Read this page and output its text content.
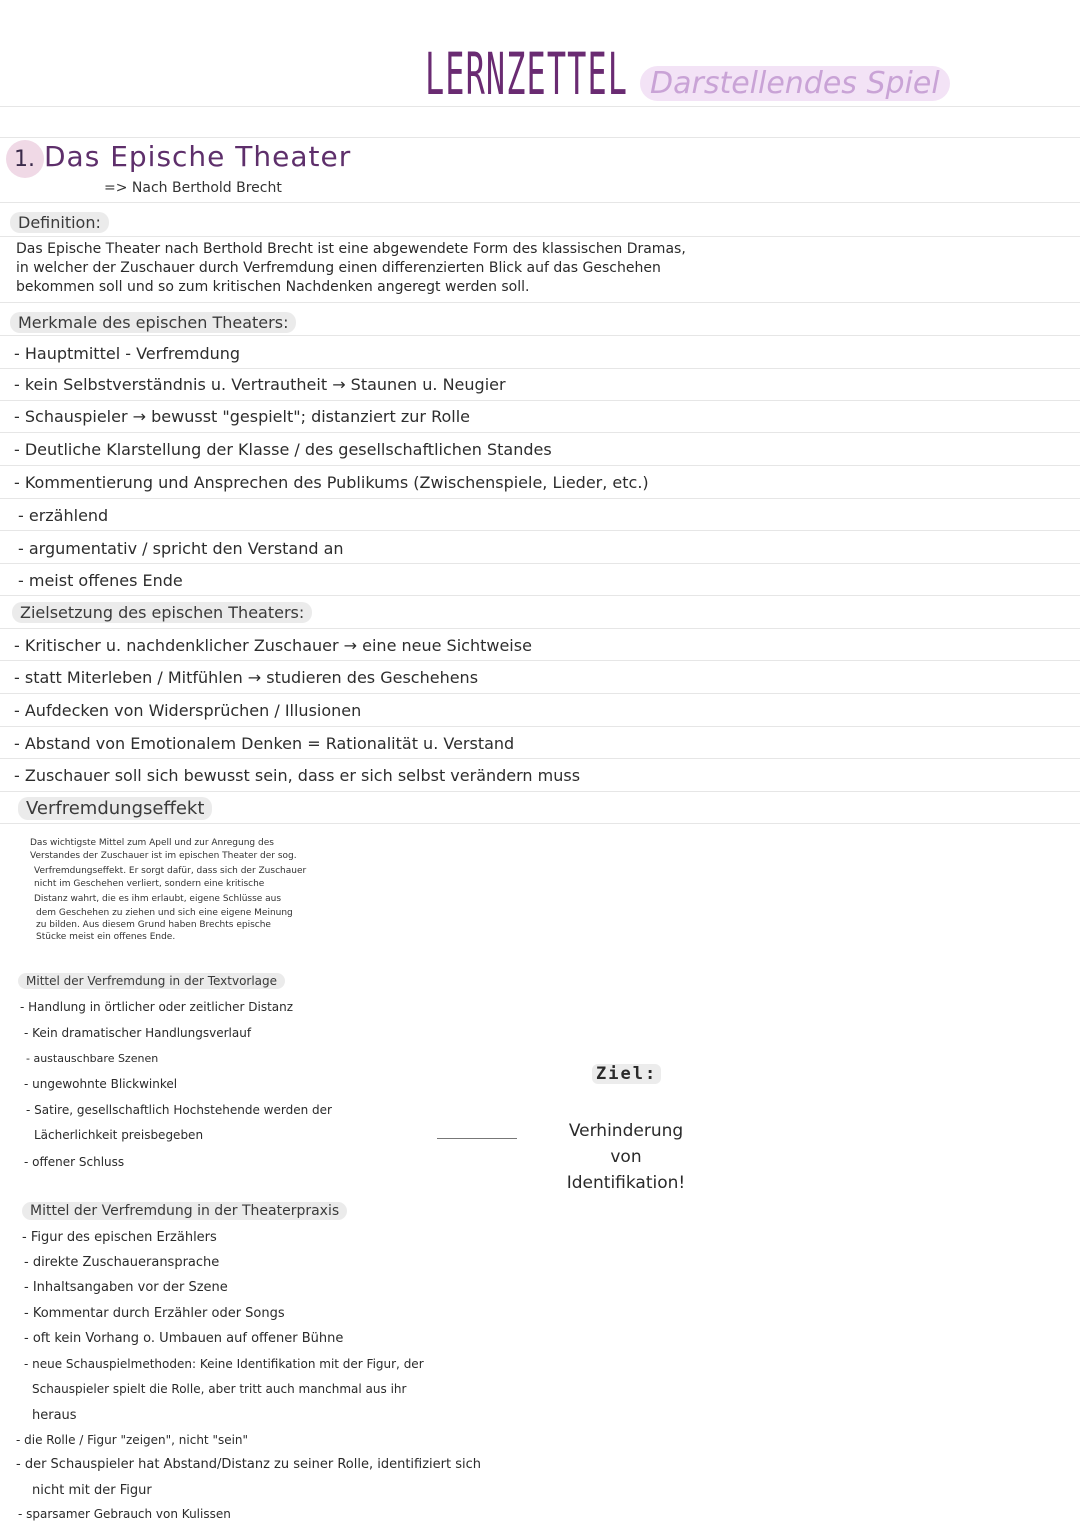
LERNZETTEL Darstellendes Spiel
1. Das Epische Theater
=> Nach Berthold Brecht
Definition:
Das Epische Theater nach Berthold Brecht ist eine abgewendete Form des klassischen Dramas, in welcher der Zuschauer durch Verfremdung einen differenzierten Blick auf das Geschehen bekommen soll und so zum kritischen Nachdenken angeregt werden soll.
Merkmale des epischen Theaters:
- Hauptmittel - Verfremdung
- kein Selbstverständnis u. Vertrautheit → Staunen u. Neugier
- Schauspieler → bewusst "gespielt"; distanziert zur Rolle
- Deutliche Klarstellung der Klasse / des gesellschaftlichen Standes
- Kommentierung und Ansprechen des Publikums (Zwischenspiele, Lieder, etc.)
- erzählend
- argumentativ / spricht den Verstand an
- meist offenes Ende
Zielsetzung des epischen Theaters:
- Kritischer u. nachdenklicher Zuschauer → eine neue Sichtweise
- statt Miterleben / Mitfühlen → studieren des Geschehens
- Aufdecken von Widersprüchen / Illusionen
- Abstand von Emotionalem Denken = Rationalität u. Verstand
- Zuschauer soll sich bewusst sein, dass er sich selbst verändern muss
Verfremdungseffekt
Das wichtigste Mittel zum Apell und zur Anregung des
Verstandes der Zuschauer ist im epischen Theater der sog.
Verfremdungseffekt. Er sorgt dafür, dass sich der Zuschauer
nicht im Geschehen verliert, sondern eine kritische
Distanz wahrt, die es ihm erlaubt, eigene Schlüsse aus
dem Geschehen zu ziehen und sich eine eigene Meinung
zu bilden. Aus diesem Grund haben Brechts epische
Stücke meist ein offenes Ende.
Mittel der Verfremdung in der Textvorlage
- Handlung in örtlicher oder zeitlicher Distanz
- Kein dramatischer Handlungsverlauf
- austauschbare Szenen
- ungewohnte Blickwinkel
- Satire, gesellschaftlich Hochstehende werden der
Lächerlichkeit preisbegeben
- offener Schluss
Ziel:
Verhinderung von Identifikation!
Mittel der Verfremdung in der Theaterpraxis
- Figur des epischen Erzählers
- direkte Zuschaueransprache
- Inhaltsangaben vor der Szene
- Kommentar durch Erzähler oder Songs
- oft kein Vorhang o. Umbauen auf offener Bühne
- neue Schauspielmethoden: Keine Identifikation mit der Figur, der
Schauspieler spielt die Rolle, aber tritt auch manchmal aus ihr
heraus
- die Rolle / Figur "zeigen", nicht "sein"
- der Schauspieler hat Abstand/Distanz zu seiner Rolle, identifiziert sich
nicht mit der Figur
- sparsamer Gebrauch von Kulissen
